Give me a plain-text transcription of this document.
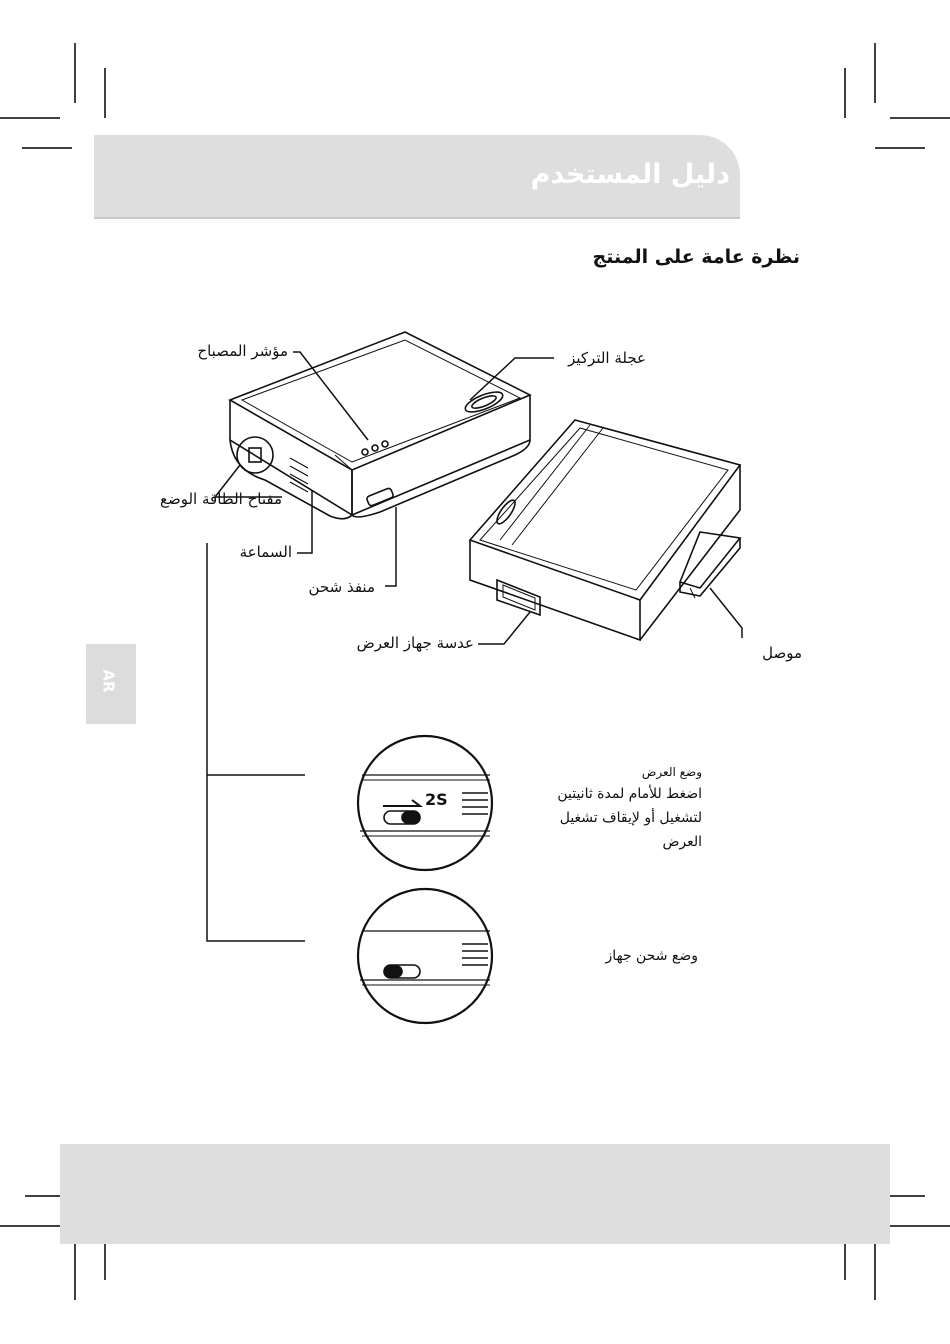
دليل المستخدم
نظرة عامة على المنتج
AR
2S
مؤشر المصباح	عجلة التركيز
مفتاح الطاقة الوضع
السماعة
منفذ شحن
عدسة جهاز العرض
موصل
وضع العرض
اضغط للأمام لمدة ثانيتين
لتشغيل أو لإيقاف تشغيل
العرض
وضع شحن جهاز
